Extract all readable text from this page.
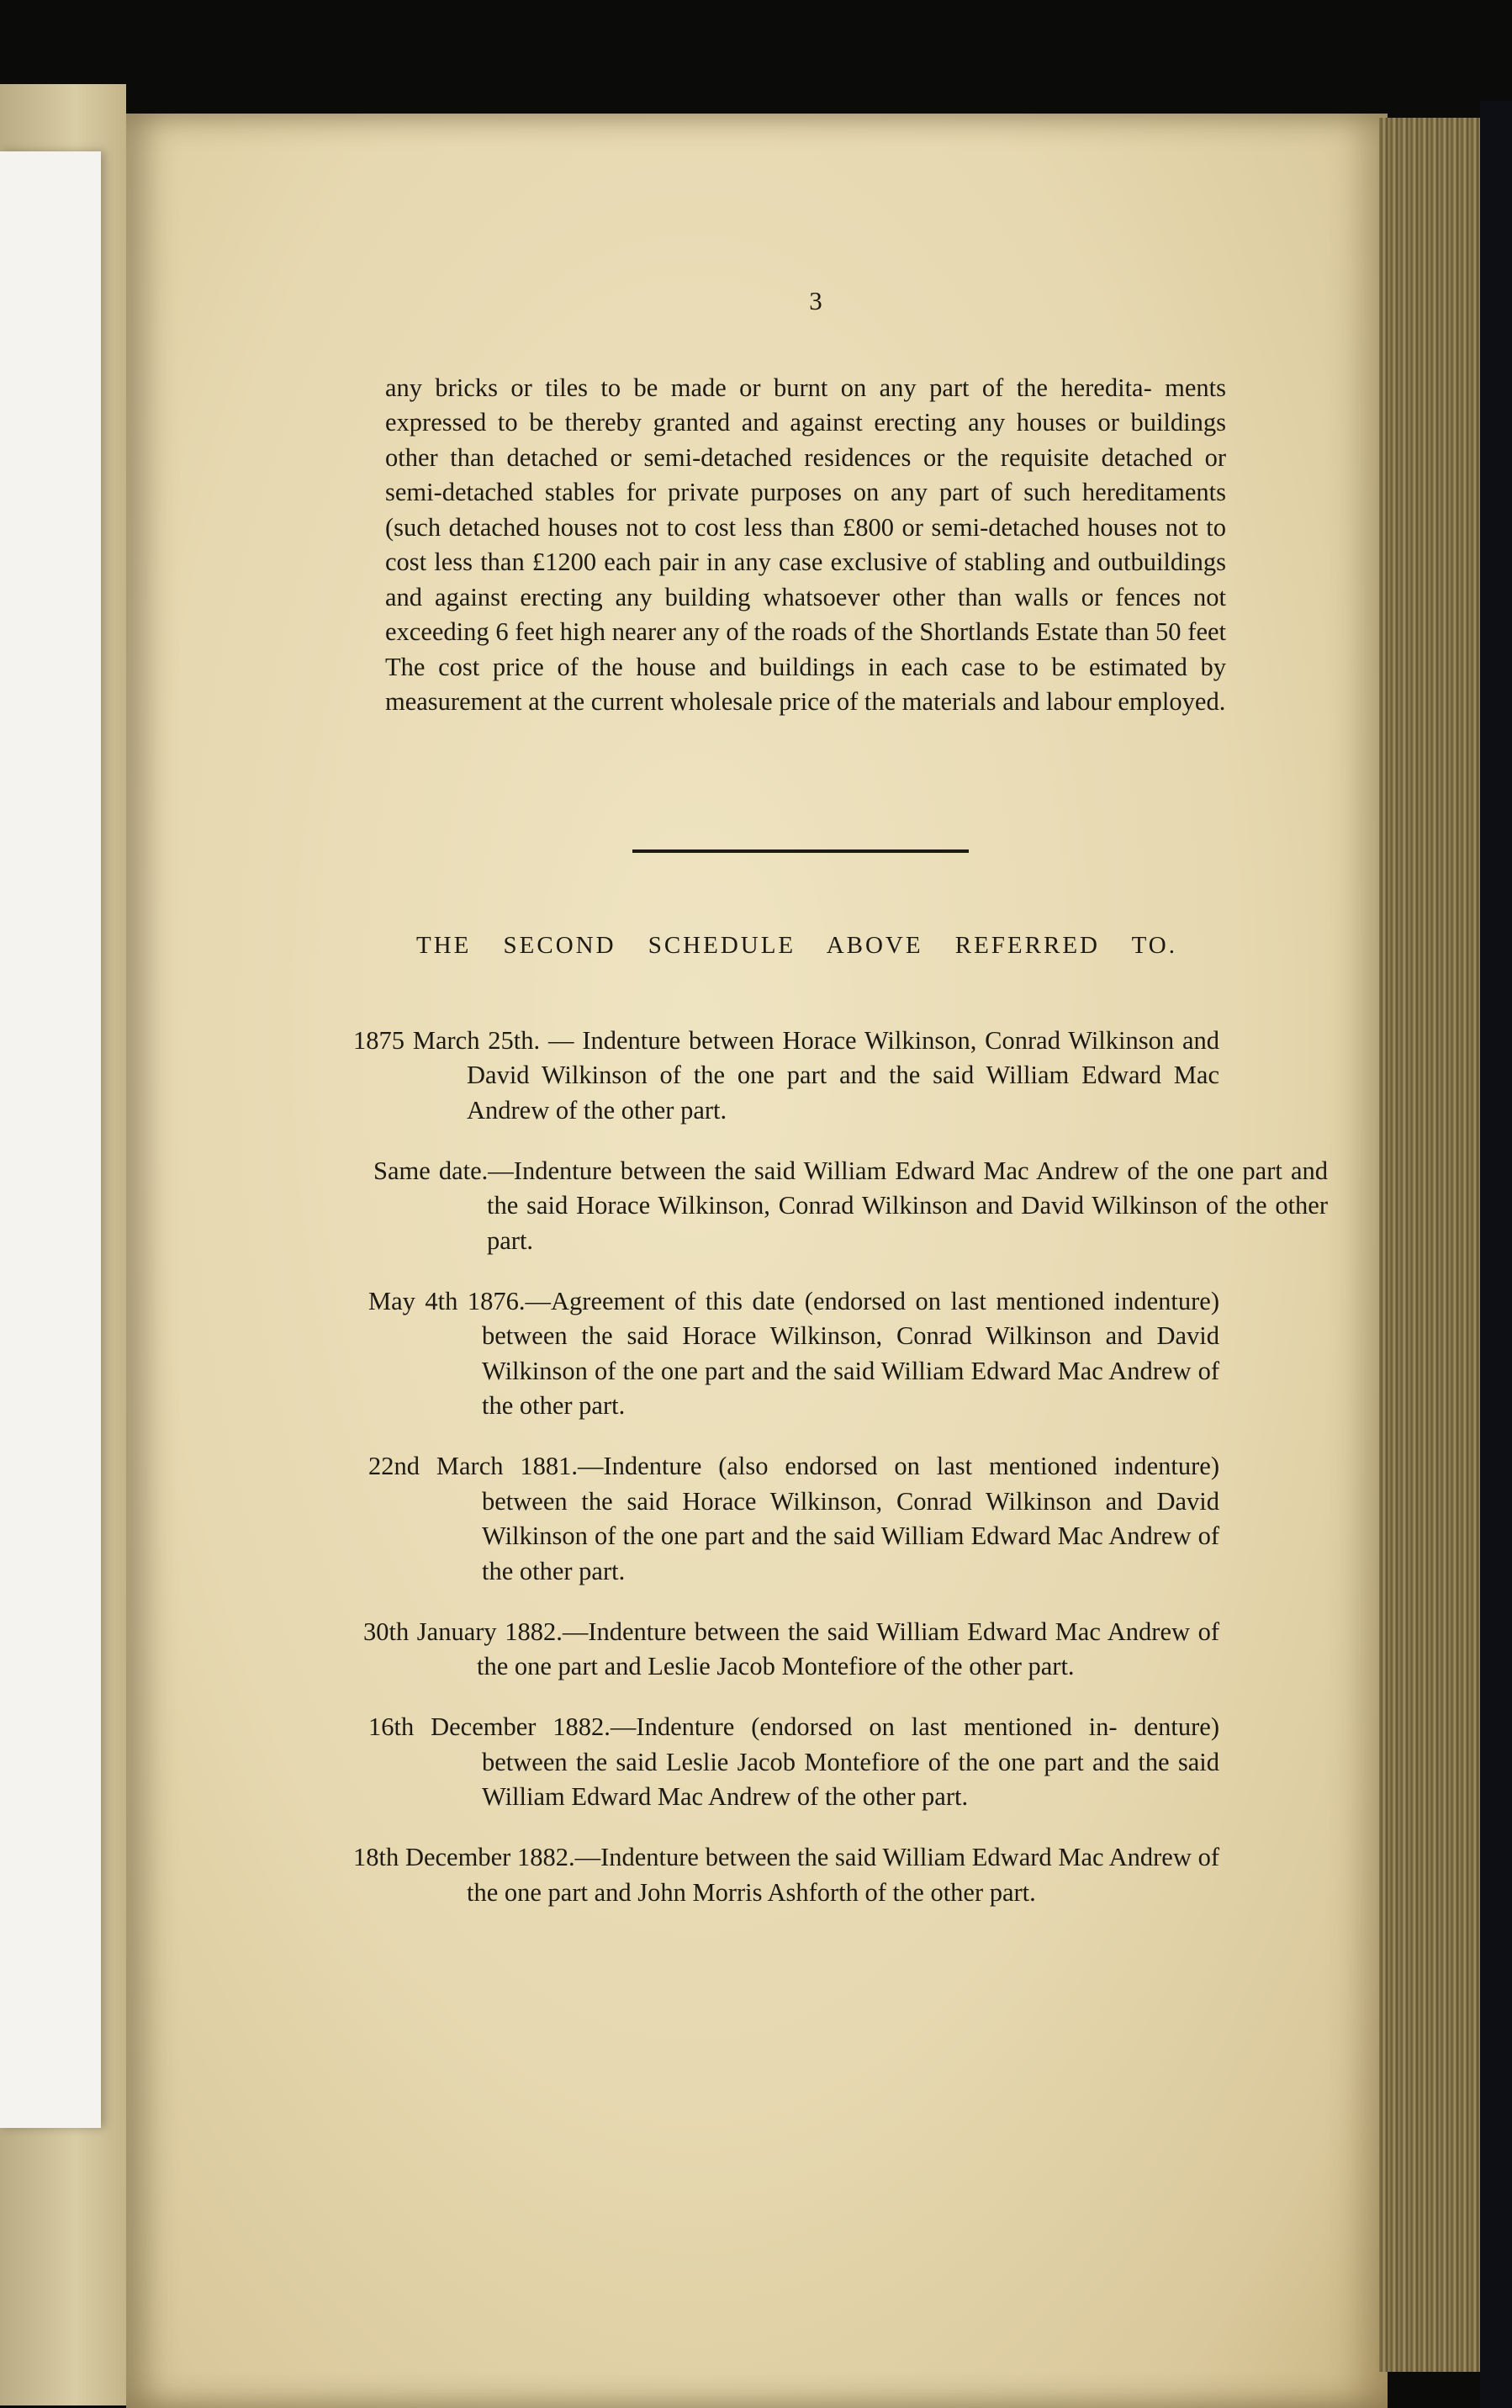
3

any bricks or tiles to be made or burnt on any part of the heredita- ments expressed to be thereby granted and against erecting any houses or buildings other than detached or semi-detached residences or the requisite detached or semi-detached stables for private purposes on any part of such hereditaments (such detached houses not to cost less than £800 or semi-detached houses not to cost less than £1200 each pair in any case exclusive of stabling and outbuildings and against erecting any building whatsoever other than walls or fences not exceeding 6 feet high nearer any of the roads of the Shortlands Estate than 50 feet The cost price of the house and buildings in each case to be estimated by measurement at the current wholesale price of the materials and labour employed.

THE SECOND SCHEDULE ABOVE REFERRED TO.

1875 March 25th. — Indenture between Horace Wilkinson, Conrad Wilkinson and David Wilkinson of the one part and the said William Edward Mac Andrew of the other part.

Same date.—Indenture between the said William Edward Mac Andrew of the one part and the said Horace Wilkinson, Conrad Wilkinson and David Wilkinson of the other part.

May 4th 1876.—Agreement of this date (endorsed on last mentioned indenture) between the said Horace Wilkinson, Conrad Wilkinson and David Wilkinson of the one part and the said William Edward Mac Andrew of the other part.

22nd March 1881.—Indenture (also endorsed on last mentioned indenture) between the said Horace Wilkinson, Conrad Wilkinson and David Wilkinson of the one part and the said William Edward Mac Andrew of the other part.

30th January 1882.—Indenture between the said William Edward Mac Andrew of the one part and Leslie Jacob Montefiore of the other part.

16th December 1882.—Indenture (endorsed on last mentioned in- denture) between the said Leslie Jacob Montefiore of the one part and the said William Edward Mac Andrew of the other part.

18th December 1882.—Indenture between the said William Edward Mac Andrew of the one part and John Morris Ashforth of the other part.
